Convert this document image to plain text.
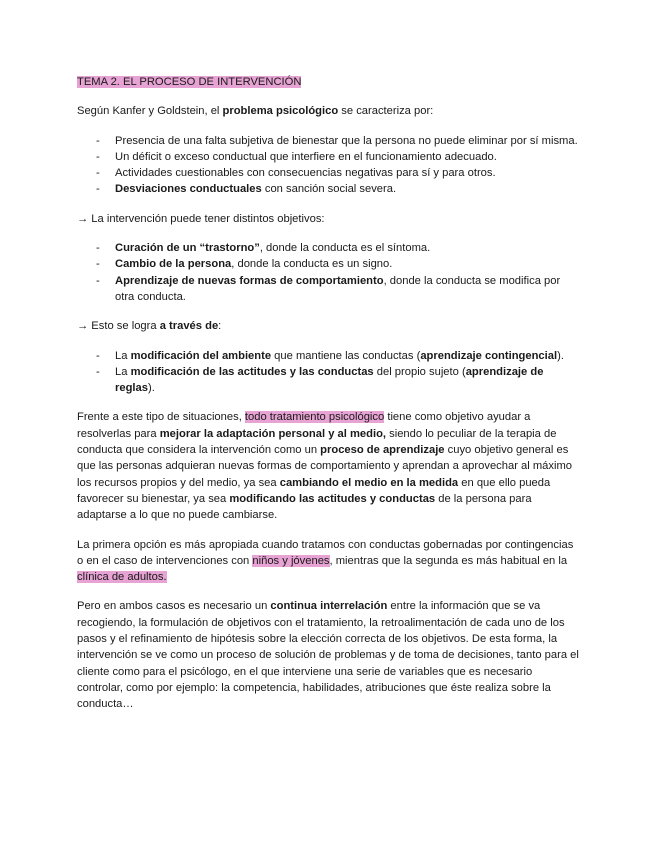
TEMA 2. EL PROCESO DE INTERVENCIÓN

Según Kanfer y Goldstein, el problema psicológico se caracteriza por:

- Presencia de una falta subjetiva de bienestar que la persona no puede eliminar por sí misma.
- Un déficit o exceso conductual que interfiere en el funcionamiento adecuado.
- Actividades cuestionables con consecuencias negativas para sí y para otros.
- Desviaciones conductuales con sanción social severa.

→ La intervención puede tener distintos objetivos:

- Curación de un “trastorno”, donde la conducta es el síntoma.
- Cambio de la persona, donde la conducta es un signo.
- Aprendizaje de nuevas formas de comportamiento, donde la conducta se modifica por otra conducta.

→ Esto se logra a través de:

- La modificación del ambiente que mantiene las conductas (aprendizaje contingencial).
- La modificación de las actitudes y las conductas del propio sujeto (aprendizaje de reglas).

Frente a este tipo de situaciones, todo tratamiento psicológico tiene como objetivo ayudar a resolverlas para mejorar la adaptación personal y al medio, siendo lo peculiar de la terapia de conducta que considera la intervención como un proceso de aprendizaje cuyo objetivo general es que las personas adquieran nuevas formas de comportamiento y aprendan a aprovechar al máximo los recursos propios y del medio, ya sea cambiando el medio en la medida en que ello pueda favorecer su bienestar, ya sea modificando las actitudes y conductas de la persona para adaptarse a lo que no puede cambiarse.

La primera opción es más apropiada cuando tratamos con conductas gobernadas por contingencias o en el caso de intervenciones con niños y jóvenes, mientras que la segunda es más habitual en la clínica de adultos.

Pero en ambos casos es necesario un continua interrelación entre la información que se va recogiendo, la formulación de objetivos con el tratamiento, la retroalimentación de cada uno de los pasos y el refinamiento de hipótesis sobre la elección correcta de los objetivos. De esta forma, la intervención se ve como un proceso de solución de problemas y de toma de decisiones, tanto para el cliente como para el psicólogo, en el que interviene una serie de variables que es necesario controlar, como por ejemplo: la competencia, habilidades, atribuciones que éste realiza sobre la conducta…
